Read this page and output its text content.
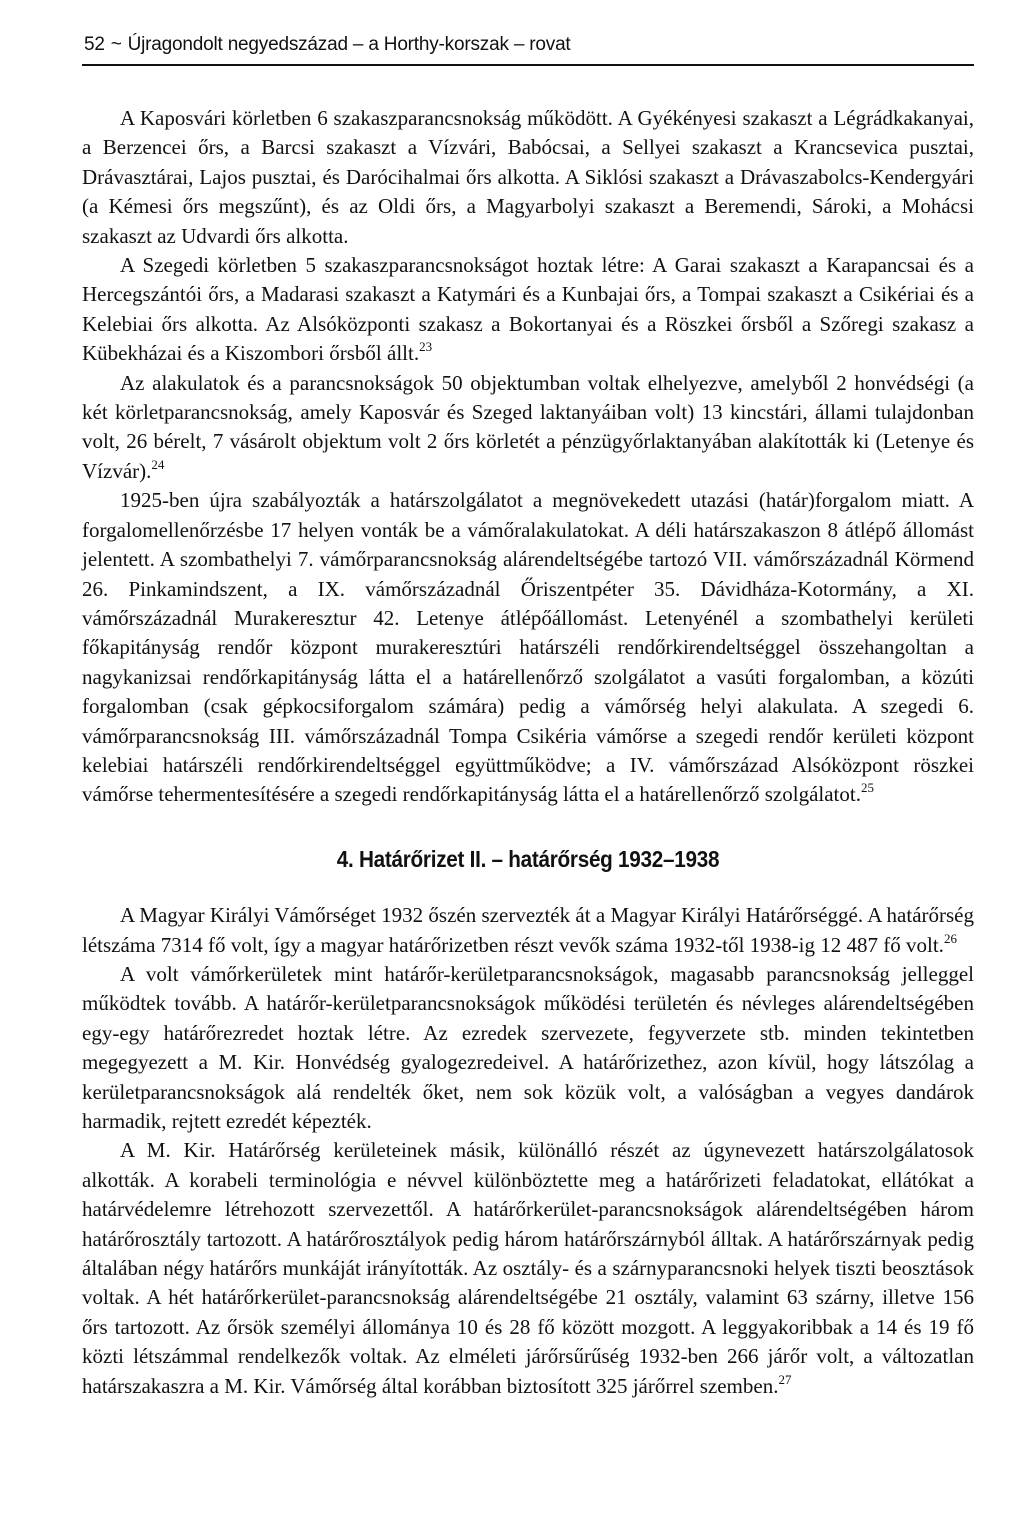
52 ~ Újragondolt negyedszázad – a Horthy-korszak – rovat

A Kaposvári körletben 6 szakaszparancsnokság működött. A Gyékényesi szakaszt a Légrádkakanyai, a Berzencei őrs, a Barcsi szakaszt a Vízvári, Babócsai, a Sellyei szakaszt a Krancsevica pusztai, Drávasztárai, Lajos pusztai, és Darócihalmai őrs alkotta. A Siklósi szakaszt a Drávaszabolcs-Kendergyári (a Kémesi őrs megszűnt), és az Oldi őrs, a Magyarbolyi szakaszt a Beremendi, Sároki, a Mohácsi szakaszt az Udvardi őrs alkotta.

A Szegedi körletben 5 szakaszparancsnokságot hoztak létre: A Garai szakaszt a Karapancsai és a Hercegszántói őrs, a Madarasi szakaszt a Katymári és a Kunbajai őrs, a Tompai szakaszt a Csikériai és a Kelebiai őrs alkotta. Az Alsóközponti szakasz a Bokortanyai és a Röszkei őrsből a Szőregi szakasz a Kübekházai és a Kiszombori őrsből állt.$^{23}$

Az alakulatok és a parancsnokságok 50 objektumban voltak elhelyezve, amelyből 2 honvédségi (a két körletparancsnokság, amely Kaposvár és Szeged laktanyáiban volt) 13 kincstári, állami tulajdonban volt, 26 bérelt, 7 vásárolt objektum volt 2 őrs körletét a pénzügyőrlaktanyában alakították ki (Letenye és Vízvár).$^{24}$

1925-ben újra szabályozták a határszolgálatot a megnövekedett utazási (határ)forgalom miatt. A forgalomellenőrzésbe 17 helyen vonták be a vámőralakulatokat. A déli határszakaszon 8 átlépő állomást jelentett. A szombathelyi 7. vámőrparancsnokság alárendeltségébe tartozó VII. vámőrszázadnál Körmend 26. Pinkamindszent, a IX. vámőrszázadnál Őriszentpéter 35. Dávidháza-Kotormány, a XI. vámőrszázadnál Murakeresztur 42. Letenye átlépőállomást. Letenyénél a szombathelyi kerületi főkapitányság rendőr központ murakeresztúri határszéli rendőrkirendeltséggel összehangoltan a nagykanizsai rendőrkapitányság látta el a határellenőrző szolgálatot a vasúti forgalomban, a közúti forgalomban (csak gépkocsiforgalom számára) pedig a vámőrség helyi alakulata. A szegedi 6. vámőrparancsnokság III. vámőrszázadnál Tompa Csikéria vámőrse a szegedi rendőr kerületi központ kelebiai határszéli rendőrkirendeltséggel együttműködve; a IV. vámőrszázad Alsóközpont röszkei vámőrse tehermentesítésére a szegedi rendőrkapitányság látta el a határellenőrző szolgálatot.$^{25}$

4. Határőrizet II. – határőrség 1932–1938

A Magyar Királyi Vámőrséget 1932 őszén szervezték át a Magyar Királyi Határőrséggé. A határőrség létszáma 7314 fő volt, így a magyar határőrizetben részt vevők száma 1932-től 1938-ig 12 487 fő volt.$^{26}$

A volt vámőrkerületek mint határőr-kerületparancsnokságok, magasabb parancsnokság jelleggel működtek tovább. A határőr-kerületparancsnokságok működési területén és névleges alárendeltségében egy-egy határőrezredet hoztak létre. Az ezredek szervezete, fegyverzete stb. minden tekintetben megegyezett a M. Kir. Honvédség gyalogezredeivel. A határőrizethez, azon kívül, hogy látszólag a kerületparancsnokságok alá rendelték őket, nem sok közük volt, a valóságban a vegyes dandárok harmadik, rejtett ezredét képezték.

A M. Kir. Határőrség kerületeinek másik, különálló részét az úgynevezett határszolgálatosok alkották. A korabeli terminológia e névvel különböztette meg a határőrizeti feladatokat, ellátókat a határvédelemre létrehozott szervezettől. A határőrkerület-parancsnokságok alárendeltségében három határőrosztály tartozott. A határőrosztályok pedig három határőrszárnyból álltak. A határőrszárnyak pedig általában négy határőrs munkáját irányították. Az osztály- és a szárnyparancsnoki helyek tiszti beosztások voltak. A hét határőrkerület-parancsnokság alárendeltségébe 21 osztály, valamint 63 szárny, illetve 156 őrs tartozott. Az őrsök személyi állománya 10 és 28 fő között mozgott. A leggyakoribbak a 14 és 19 fő közti létszámmal rendelkezők voltak. Az elméleti járőrsűrűség 1932-ben 266 járőr volt, a változatlan határszakaszra a M. Kir. Vámőrség által korábban biztosított 325 járőrrel szemben.$^{27}$
